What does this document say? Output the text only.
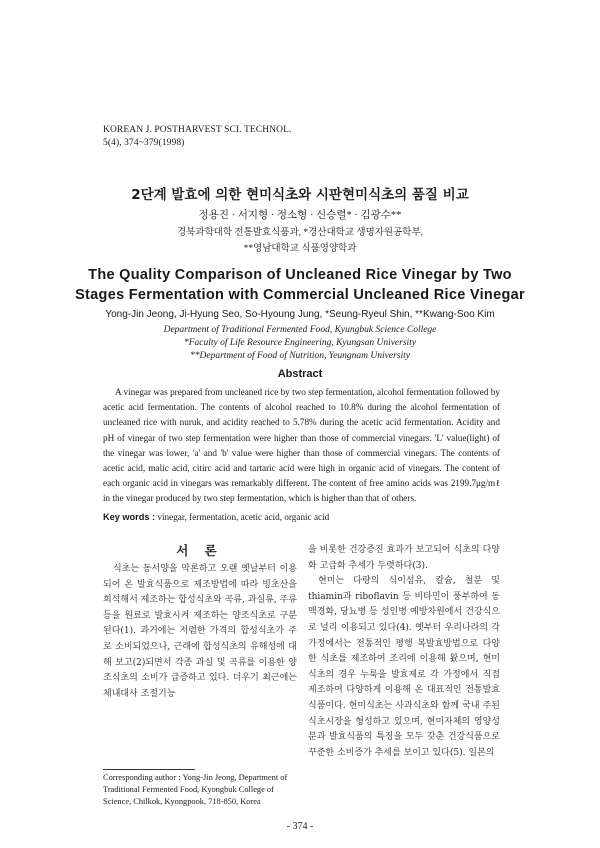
KOREAN J. POSTHARVEST SCI. TECHNOL.
5(4), 374~379(1998)
2단계 발효에 의한 현미식초와 시판현미식초의 품질 비교
정용진 · 서지형 · 정소형 · 신승렬* · 김광수**
경북과학대학 전통발효식품과, *경산대학교 생명자원공학부,
**영남대학교 식품영양학과
The Quality Comparison of Uncleaned Rice Vinegar by Two
Stages Fermentation with Commercial Uncleaned Rice Vinegar
Yong-Jin Jeong, Ji-Hyung Seo, So-Hyoung Jung, *Seung-Ryeul Shin, **Kwang-Soo Kim
Department of Traditional Fermented Food, Kyungbuk Science College
*Faculty of Life Resource Engineering, Kyungsan University
**Department of Food of Nutrition, Yeungnam University
Abstract

A vinegar was prepared from uncleaned rice by two step fermentation, alcohol fermentation followed by acetic acid fermentation. The contents of alcohol reached to 10.8% during the alcohol fermentation of uncleaned rice with nuruk, and acidity reached to 5.78% during the acetic acid fermentation. Acidity and pH of vinegar of two step fermentation were higher than those of commercial vinegars. 'L' value(light) of the vinegar was lower, 'a' and 'b' value were higher than those of commercial vinegars. The contents of acetic acid, malic acid, citirc acid and tartaric acid were high in organic acid of vinegars. The content of each organic acid in vinegars was remarkably different. The content of free amino acids was 2199.7μg/mℓ in the vinegar produced by two step fermentation, which is higher than that of others.

Key words : vinegar, fermentation, acetic acid, organic acid
서 론

식초는 동서양을 막론하고 오랜 옛날부터 이용되어 온 발효식품으로 제조방법에 따라 빙초산을 희석해서 제조하는 합성식초와 곡류, 과실류, 주류 등을 원료로 발효시켜 제조하는 양조식초로 구분된다(1). 과거에는 저렴한 가격의 합성식초가 주로 소비되었으나, 근래에 합성식초의 유해성에 대해 보고(2)되면서 각종 과실 및 곡류를 이용한 양조식초의 소비가 급증하고 있다. 더우기 최근에는 체내대사 조절기능

을 비롯한 건강증진 효과가 보고되어 식초의 다양화 고급화 추세가 두렷하다(3).

현미는 다량의 식이섬유, 칼슘, 철분 및 thiamin과 riboflavin 등 비타민이 풍부하여 동맥경화, 당뇨병 등 성인병 예방차원에서 건강식으로 널리 이용되고 있다(4). 옛부터 우리나라의 각 가정에서는 전통적인 평행 복발효방법으로 다양한 식초를 제조하여 조리에 이용해 왔으며, 현미식초의 경우 누룩을 발효제로 각 가정에서 직접 제조하여 다양하게 이용해 온 대표적인 전통발효식품이다. 현미식초는 사과식초와 함께 국내 주된 식초시장을 형성하고 있으며, 현미자체의 영양성분과 발효식품의 특징을 모두 갖춘 건강식품으로 꾸준한 소비증가 추세를 보이고 있다(5). 일본의

Corresponding author : Yong-Jin Jeong, Department of Traditional Fermented Food, Kyongbuk College of Science, Chilkok, Kyongpook, 718-850, Korea
- 374 -
